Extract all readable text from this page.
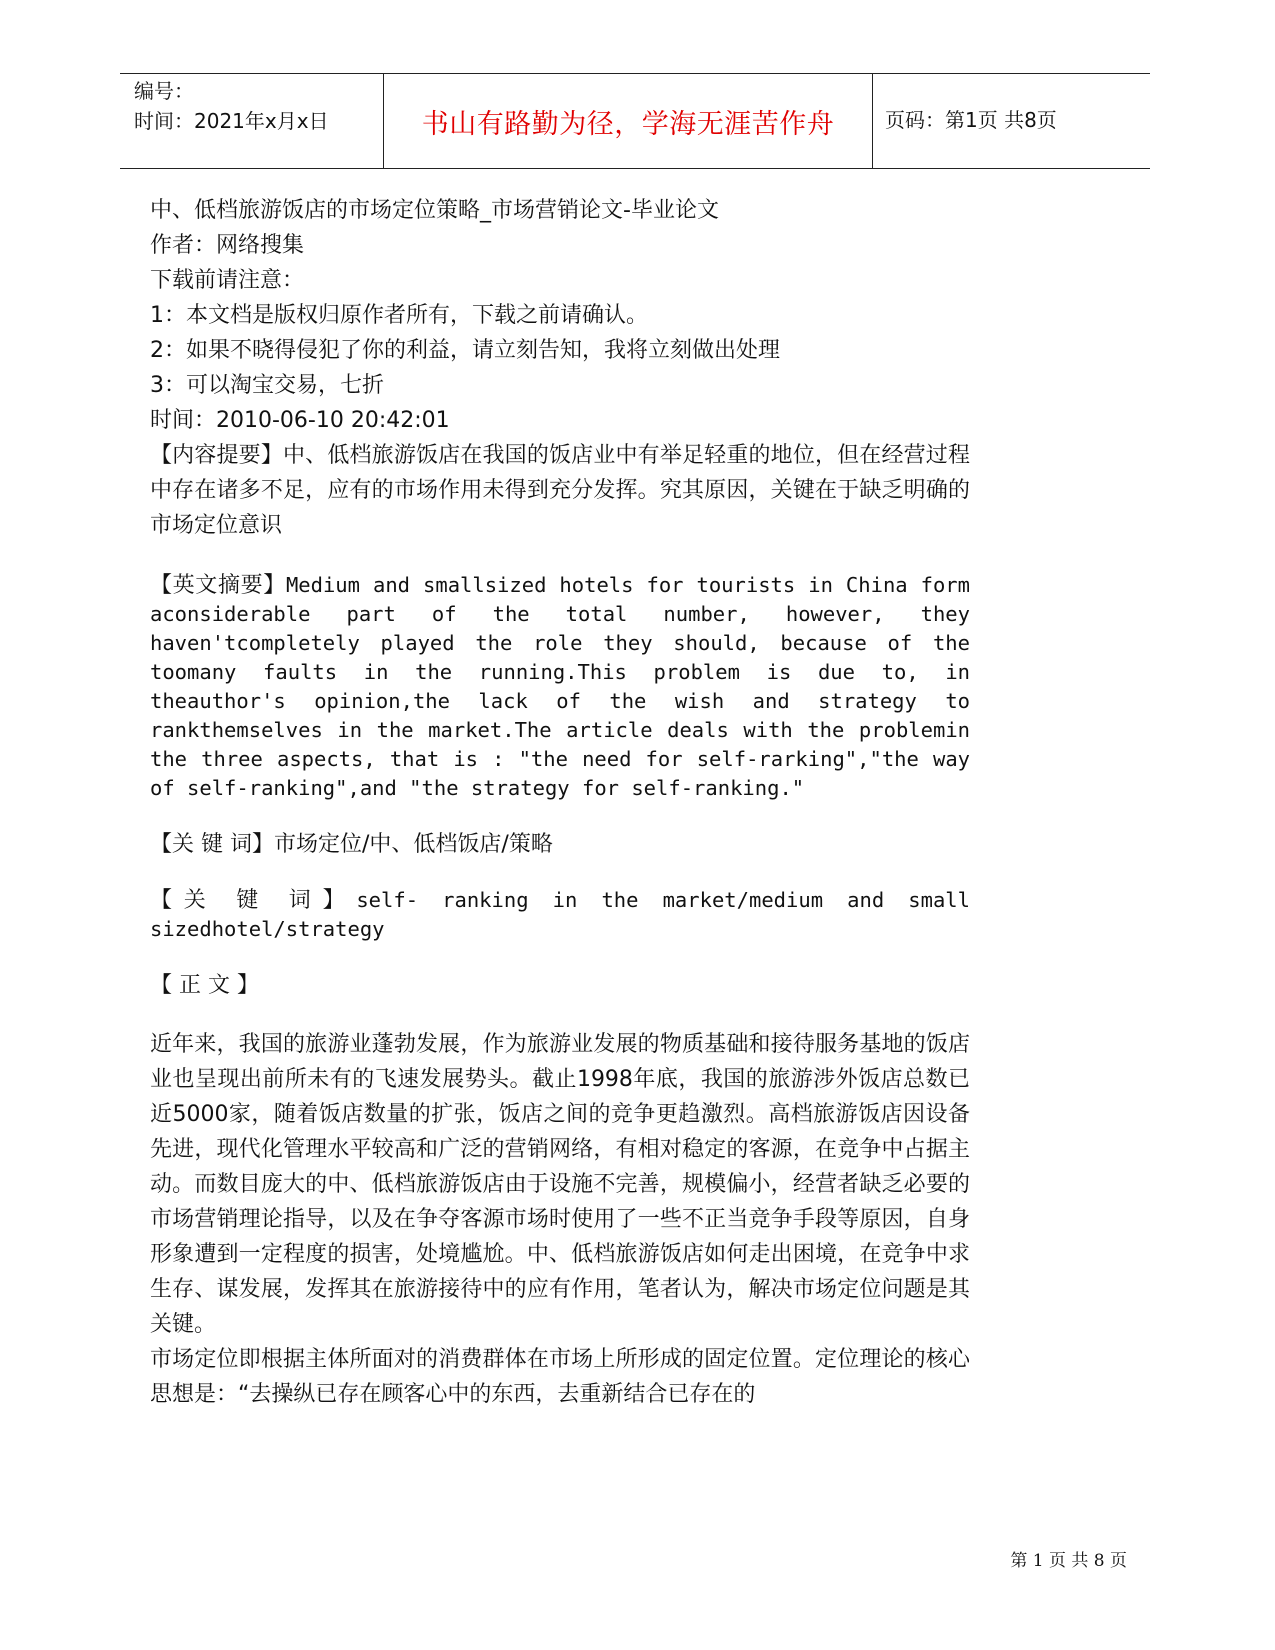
编号：
时间：2021年x月x日	书山有路勤为径，学海无涯苦作舟	页码：第1页 共8页
中、低档旅游饭店的市场定位策略_市场营销论文-毕业论文
作者：网络搜集
下载前请注意：
1：本文档是版权归原作者所有，下载之前请确认。
2：如果不晓得侵犯了你的利益，请立刻告知，我将立刻做出处理
3：可以淘宝交易，七折
时间：2010-06-10 20:42:01

【内容提要】中、低档旅游饭店在我国的饭店业中有举足轻重的地位，但在经营过程中存在诸多不足，应有的市场作用未得到充分发挥。究其原因，关键在于缺乏明确的市场定位意识

【英文摘要】Medium and smallsized hotels for tourists in China form aconsiderable part of the total number, however, they haven'tcompletely played the role they should, because of the toomany faults in the running.This problem is due to, in theauthor's opinion,the lack of the wish and strategy to rankthemselves in the market.The article deals with the problemin the three aspects, that is : "the need for self-rarking","the way of self-ranking",and "the strategy for self-ranking."

【关 键 词】市场定位/中、低档饭店/策略

【关 键 词】self- ranking in the market/medium and small sizedhotel/strategy

【 正 文 】

近年来，我国的旅游业蓬勃发展，作为旅游业发展的物质基础和接待服务基地的饭店业也呈现出前所未有的飞速发展势头。截止1998年底，我国的旅游涉外饭店总数已近5000家，随着饭店数量的扩张，饭店之间的竞争更趋激烈。高档旅游饭店因设备先进，现代化管理水平较高和广泛的营销网络，有相对稳定的客源，在竞争中占据主动。而数目庞大的中、低档旅游饭店由于设施不完善，规模偏小，经营者缺乏必要的市场营销理论指导，以及在争夺客源市场时使用了一些不正当竞争手段等原因，自身形象遭到一定程度的损害，处境尴尬。中、低档旅游饭店如何走出困境，在竞争中求生存、谋发展，发挥其在旅游接待中的应有作用，笔者认为，解决市场定位问题是其关键。

市场定位即根据主体所面对的消费群体在市场上所形成的固定位置。定位理论的核心思想是：“去操纵已存在顾客心中的东西，去重新结合已存在的

第 1 页 共 8 页
